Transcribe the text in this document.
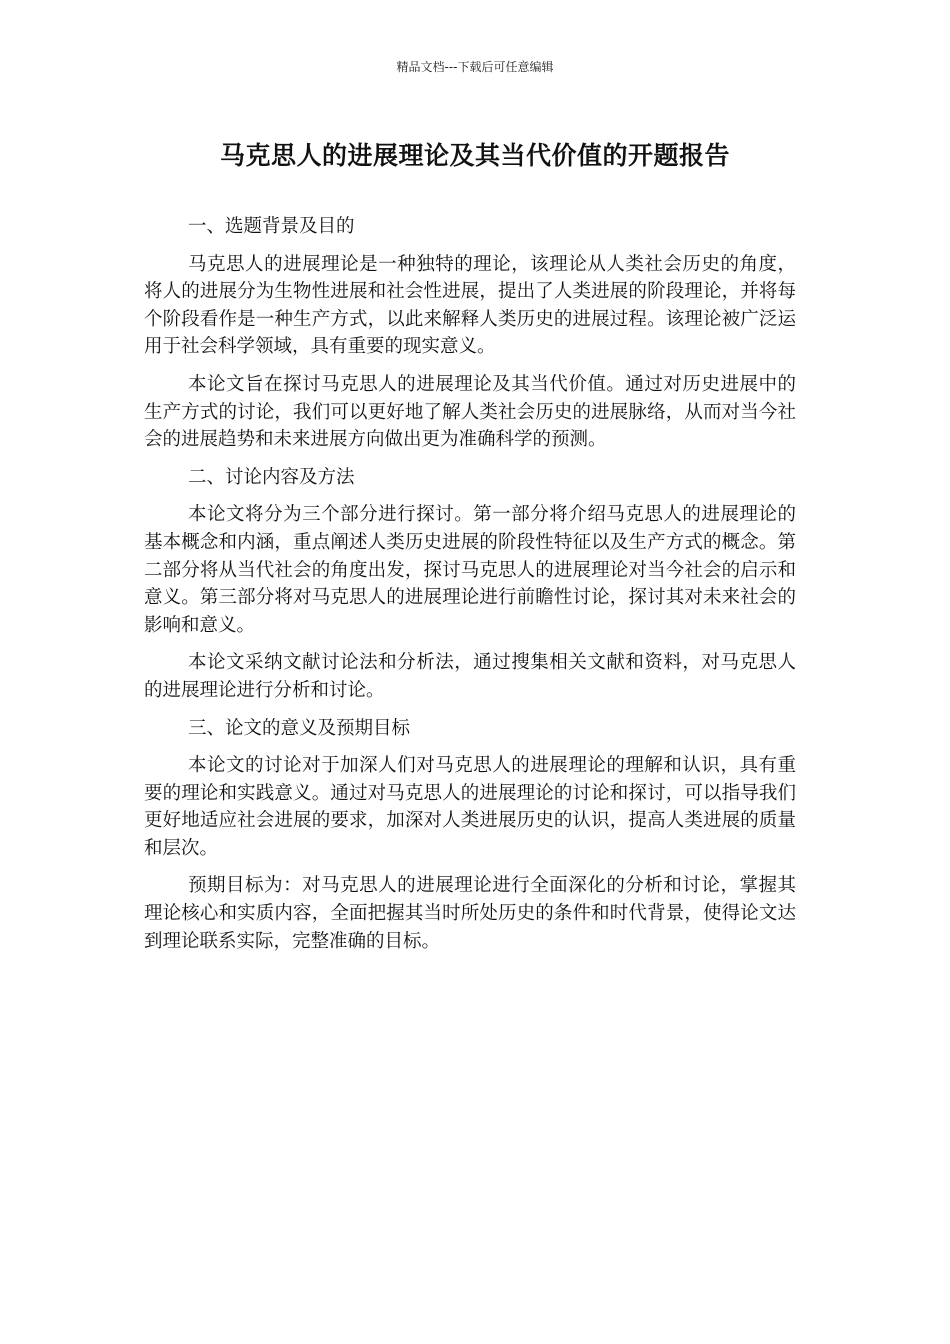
精品文档---下载后可任意编辑
马克思人的进展理论及其当代价值的开题报告
一、选题背景及目的

马克思人的进展理论是一种独特的理论，该理论从人类社会历史的角度，将人的进展分为生物性进展和社会性进展，提出了人类进展的阶段理论，并将每个阶段看作是一种生产方式，以此来解释人类历史的进展过程。该理论被广泛运用于社会科学领域，具有重要的现实意义。

本论文旨在探讨马克思人的进展理论及其当代价值。通过对历史进展中的生产方式的讨论，我们可以更好地了解人类社会历史的进展脉络，从而对当今社会的进展趋势和未来进展方向做出更为准确科学的预测。

二、讨论内容及方法

本论文将分为三个部分进行探讨。第一部分将介绍马克思人的进展理论的基本概念和内涵，重点阐述人类历史进展的阶段性特征以及生产方式的概念。第二部分将从当代社会的角度出发，探讨马克思人的进展理论对当今社会的启示和意义。第三部分将对马克思人的进展理论进行前瞻性讨论，探讨其对未来社会的影响和意义。

本论文采纳文献讨论法和分析法，通过搜集相关文献和资料，对马克思人的进展理论进行分析和讨论。

三、论文的意义及预期目标

本论文的讨论对于加深人们对马克思人的进展理论的理解和认识，具有重要的理论和实践意义。通过对马克思人的进展理论的讨论和探讨，可以指导我们更好地适应社会进展的要求，加深对人类进展历史的认识，提高人类进展的质量和层次。

预期目标为：对马克思人的进展理论进行全面深化的分析和讨论，掌握其理论核心和实质内容，全面把握其当时所处历史的条件和时代背景，使得论文达到理论联系实际，完整准确的目标。
